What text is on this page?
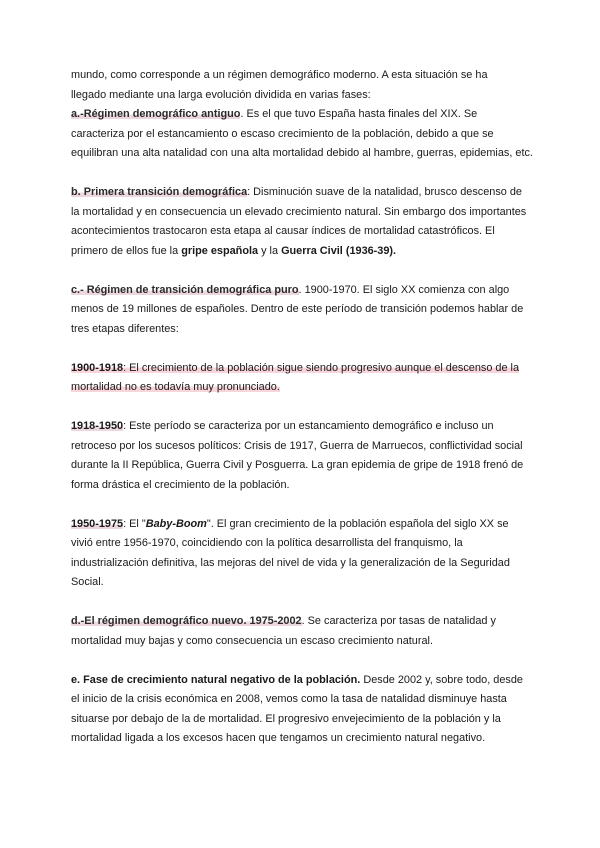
mundo, como corresponde a un régimen demográfico moderno. A esta situación se ha
llegado mediante una larga evolución dividida en varias fases:

a.-Régimen demográfico antiguo. Es el que tuvo España hasta finales del XIX. Se caracteriza por el estancamiento o escaso crecimiento de la población, debido a que se equilibran una alta natalidad con una alta mortalidad debido al hambre, guerras, epidemias, etc.

b. Primera transición demográfica: Disminución suave de la natalidad, brusco descenso de la mortalidad y en consecuencia un elevado crecimiento natural. Sin embargo dos importantes acontecimientos trastocaron esta etapa al causar índices de mortalidad catastróficos. El primero de ellos fue la gripe española y la Guerra Civil (1936-39).

c.- Régimen de transición demográfica puro. 1900-1970. El siglo XX comienza con algo menos de 19 millones de españoles. Dentro de este período de transición podemos hablar de tres etapas diferentes:

1900-1918: El crecimiento de la población sigue siendo progresivo aunque el descenso de la mortalidad no es todavía muy pronunciado.

1918-1950: Este período se caracteriza por un estancamiento demográfico e incluso un retroceso por los sucesos políticos: Crisis de 1917, Guerra de Marruecos, conflictividad social durante la II República, Guerra Civil y Posguerra. La gran epidemia de gripe de 1918 frenó de forma drástica el crecimiento de la población.

1950-1975: El "Baby-Boom". El gran crecimiento de la población española del siglo XX se vivió entre 1956-1970, coincidiendo con la política desarrollista del franquismo, la industrialización definitiva, las mejoras del nivel de vida y la generalización de la Seguridad Social.

d.-El régimen demográfico nuevo. 1975-2002. Se caracteriza por tasas de natalidad y mortalidad muy bajas y como consecuencia un escaso crecimiento natural.

e. Fase de crecimiento natural negativo de la población. Desde 2002 y, sobre todo, desde el inicio de la crisis económica en 2008, vemos como la tasa de natalidad disminuye hasta situarse por debajo de la de mortalidad. El progresivo envejecimiento de la población y la mortalidad ligada a los excesos hacen que tengamos un crecimiento natural negativo.
